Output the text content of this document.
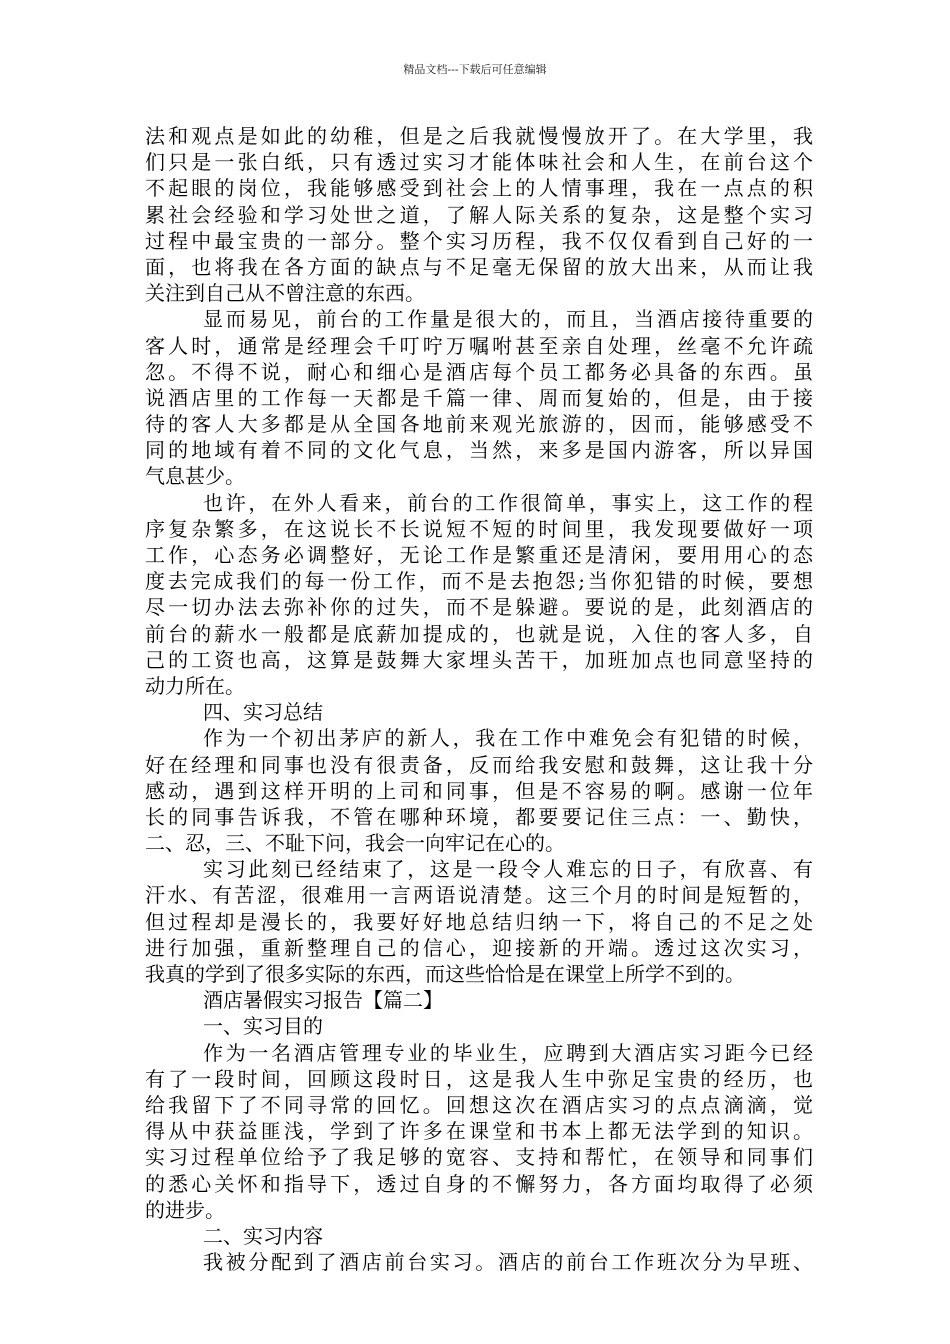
精品文档---下载后可任意编辑
法和观点是如此的幼稚，但是之后我就慢慢放开了。在大学里，我
们只是一张白纸，只有透过实习才能体味社会和人生，在前台这个
不起眼的岗位，我能够感受到社会上的人情事理，我在一点点的积
累社会经验和学习处世之道，了解人际关系的复杂，这是整个实习
过程中最宝贵的一部分。整个实习历程，我不仅仅看到自己好的一
面，也将我在各方面的缺点与不足毫无保留的放大出来，从而让我
关注到自己从不曾注意的东西。
显而易见，前台的工作量是很大的，而且，当酒店接待重要的
客人时，通常是经理会千叮咛万嘱咐甚至亲自处理，丝毫不允许疏
忽。不得不说，耐心和细心是酒店每个员工都务必具备的东西。虽
说酒店里的工作每一天都是千篇一律、周而复始的，但是，由于接
待的客人大多都是从全国各地前来观光旅游的，因而，能够感受不
同的地域有着不同的文化气息，当然，来多是国内游客，所以异国
气息甚少。
也许，在外人看来，前台的工作很简单，事实上，这工作的程
序复杂繁多，在这说长不长说短不短的时间里，我发现要做好一项
工作，心态务必调整好，无论工作是繁重还是清闲，要用用心的态
度去完成我们的每一份工作，而不是去抱怨;当你犯错的时候，要想
尽一切办法去弥补你的过失，而不是躲避。要说的是，此刻酒店的
前台的薪水一般都是底薪加提成的，也就是说，入住的客人多，自
己的工资也高，这算是鼓舞大家埋头苦干，加班加点也同意坚持的
动力所在。
四、实习总结
作为一个初出茅庐的新人，我在工作中难免会有犯错的时候，
好在经理和同事也没有很责备，反而给我安慰和鼓舞，这让我十分
感动，遇到这样开明的上司和同事，但是不容易的啊。感谢一位年
长的同事告诉我，不管在哪种环境，都要要记住三点：一、勤快，
二、忍，三、不耻下问，我会一向牢记在心的。
实习此刻已经结束了，这是一段令人难忘的日子，有欣喜、有
汗水、有苦涩，很难用一言两语说清楚。这三个月的时间是短暂的，
但过程却是漫长的，我要好好地总结归纳一下，将自己的不足之处
进行加强，重新整理自己的信心，迎接新的开端。透过这次实习，
我真的学到了很多实际的东西，而这些恰恰是在课堂上所学不到的。
酒店暑假实习报告【篇二】
一、实习目的
作为一名酒店管理专业的毕业生，应聘到大酒店实习距今已经
有了一段时间，回顾这段时日，这是我人生中弥足宝贵的经历，也
给我留下了不同寻常的回忆。回想这次在酒店实习的点点滴滴，觉
得从中获益匪浅，学到了许多在课堂和书本上都无法学到的知识。
实习过程单位给予了我足够的宽容、支持和帮忙，在领导和同事们
的悉心关怀和指导下，透过自身的不懈努力，各方面均取得了必须
的进步。
二、实习内容
我被分配到了酒店前台实习。酒店的前台工作班次分为早班、
